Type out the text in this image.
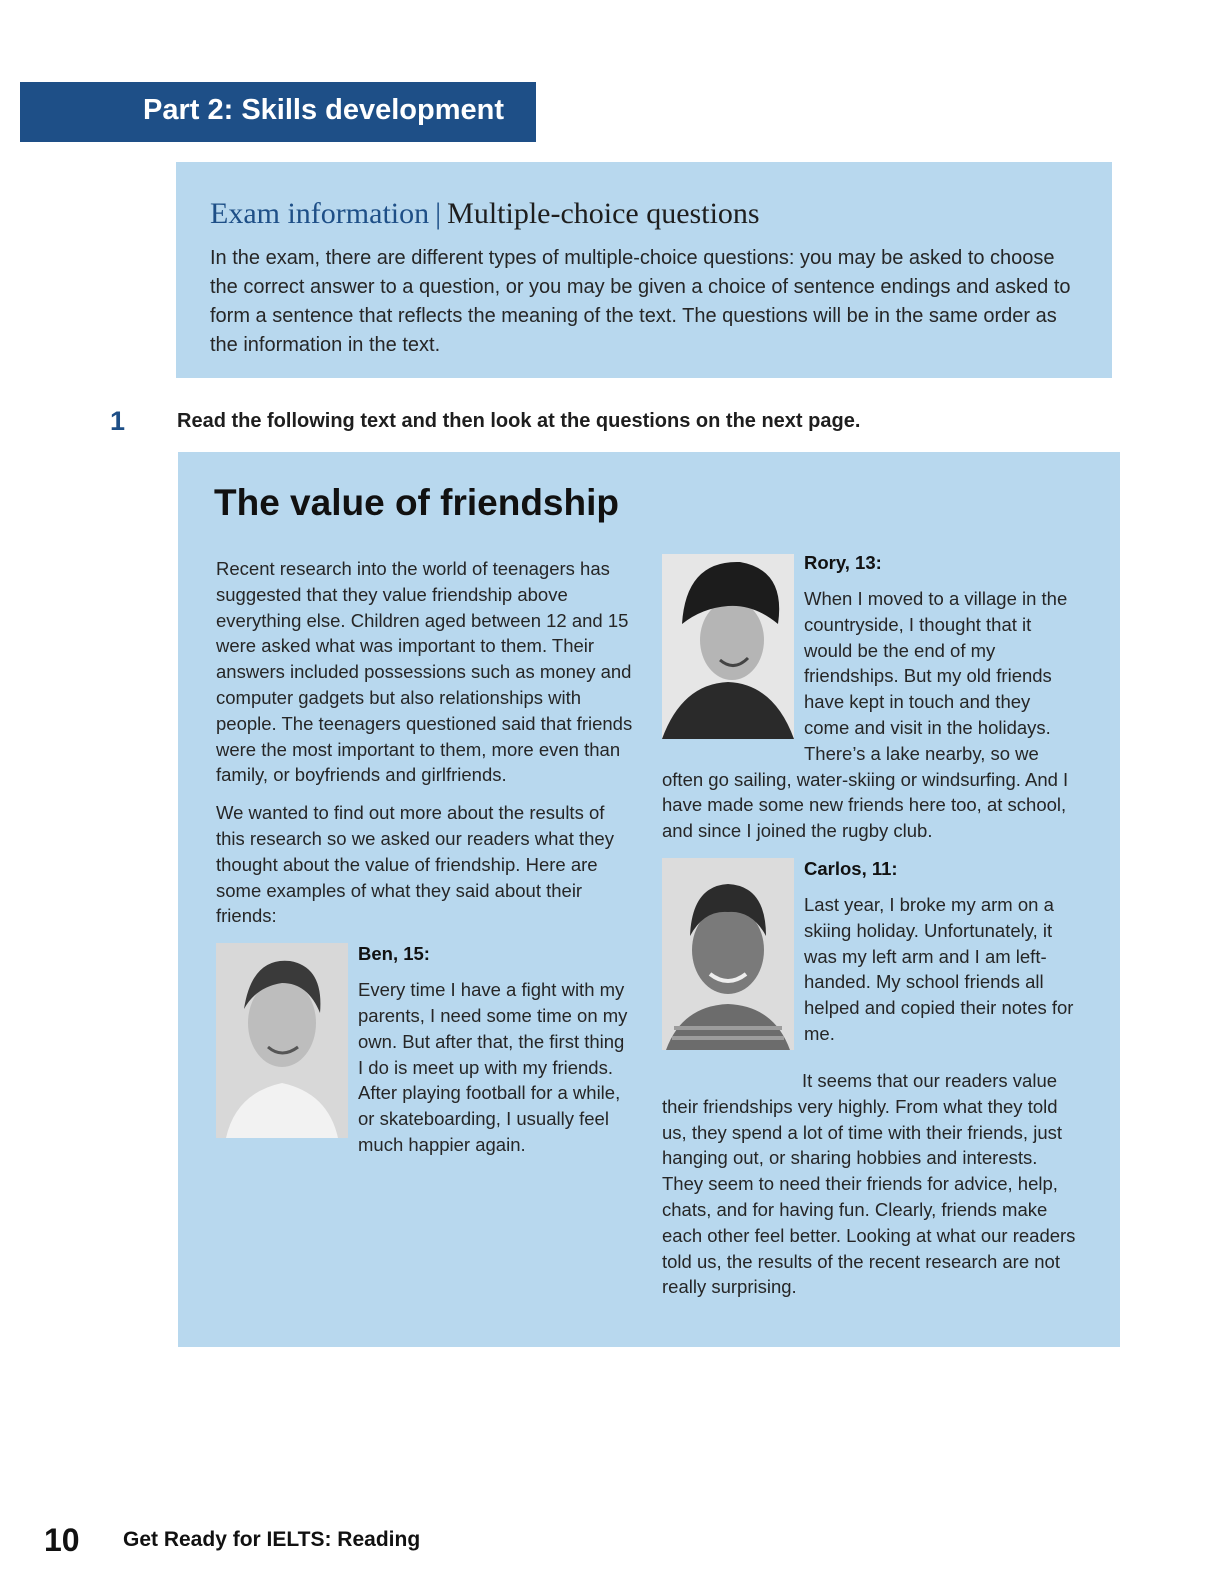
Part 2: Skills development
Exam information | Multiple-choice questions

In the exam, there are different types of multiple-choice questions: you may be asked to choose the correct answer to a question, or you may be given a choice of sentence endings and asked to form a sentence that reflects the meaning of the text. The questions will be in the same order as the information in the text.

1	Read the following text and then look at the questions on the next page.
The value of friendship

Recent research into the world of teenagers has suggested that they value friendship above everything else. Children aged between 12 and 15 were asked what was important to them. Their answers included possessions such as money and computer gadgets but also relationships with people. The teenagers questioned said that friends were the most important to them, more even than family, or boyfriends and girlfriends.

We wanted to find out more about the results of this research so we asked our readers what they thought about the value of friendship. Here are some examples of what they said about their friends:

Ben, 15:

Every time I have a fight with my parents, I need some time on my own. But after that, the first thing I do is meet up with my friends. After playing football for a while, or skateboarding, I usually feel much happier again.

Rory, 13:

When I moved to a village in the countryside, I thought that it would be the end of my friendships. But my old friends have kept in touch and they come and visit in the holidays. There’s a lake nearby, so we often go sailing, water-skiing or windsurfing. And I have made some new friends here too, at school, and since I joined the rugby club.

Carlos, 11:

Last year, I broke my arm on a skiing holiday. Unfortunately, it was my left arm and I am left-handed. My school friends all helped and copied their notes for me.

It seems that our readers value their friendships very highly. From what they told us, they spend a lot of time with their friends, just hanging out, or sharing hobbies and interests. They seem to need their friends for advice, help, chats, and for having fun. Clearly, friends make each other feel better. Looking at what our readers told us, the results of the recent research are not really surprising.

10 Get Ready for IELTS: Reading
